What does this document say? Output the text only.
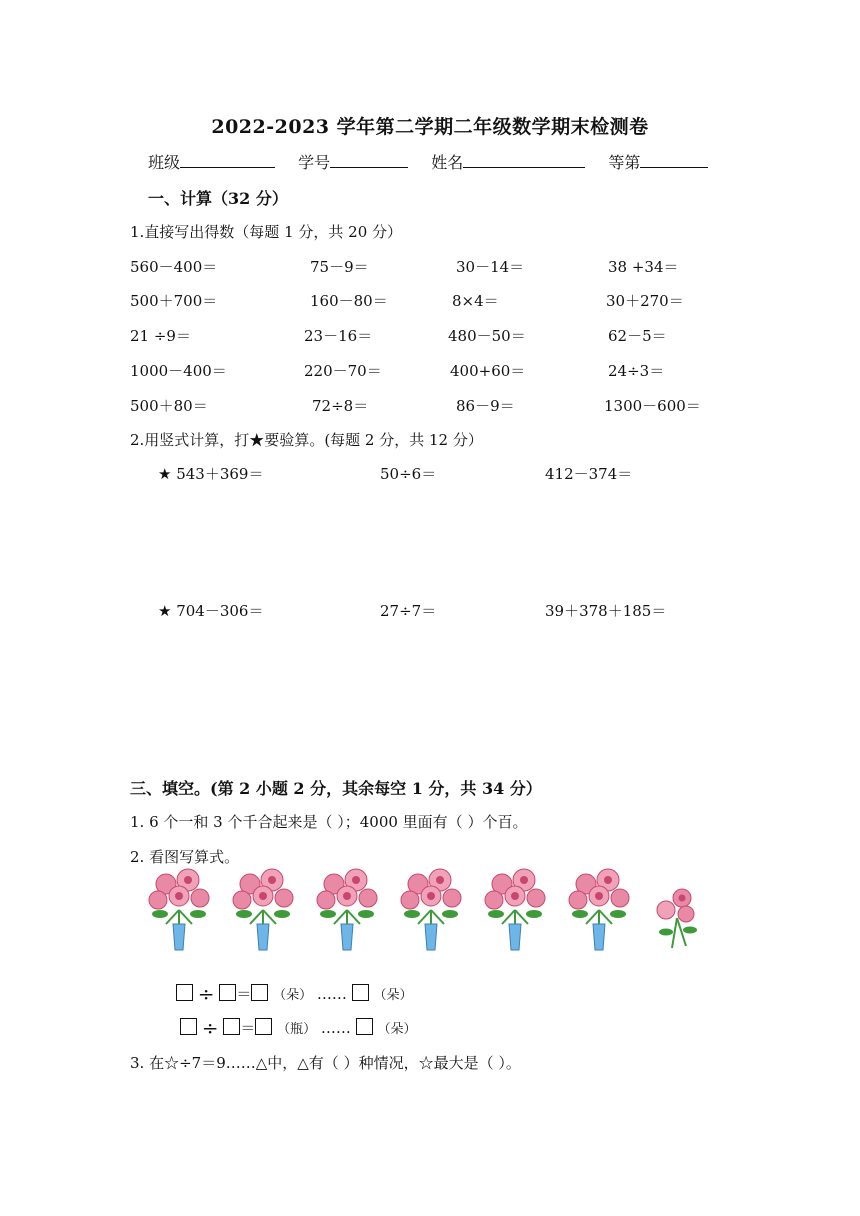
2022-2023 学年第二学期二年级数学期末检测卷
班级	学号	姓名	等第
一、计算（32 分）
1.直接写出得数（每题 1 分，共 20 分）
560－400＝	75－9＝	30－14＝	38 +34＝
500＋700＝	160－80＝	8×4＝	30＋270＝
21 ÷9＝	23－16＝	480－50＝	62－5＝
1000－400＝	220－70＝	400+60＝	24÷3＝
500＋80＝	72÷8＝	86－9＝	1300－600＝
2.用竖式计算，打★要验算。(每题 2 分，共 12 分）
★ 543＋369＝	50÷6＝	412－374＝
★ 704－306＝	27÷7＝	39＋378＋185＝
三、填空。(第 2 小题 2 分，其余每空 1 分，共 34 分）
1. 6 个一和 3 个千合起来是（ ）；4000 里面有（ ）个百。
2. 看图写算式。
÷ ＝ （朵） …… （朵）
÷ ＝ （瓶） …… （朵）
3. 在☆÷7＝9……△中，△有（ ）种情况，☆最大是（ ）。
